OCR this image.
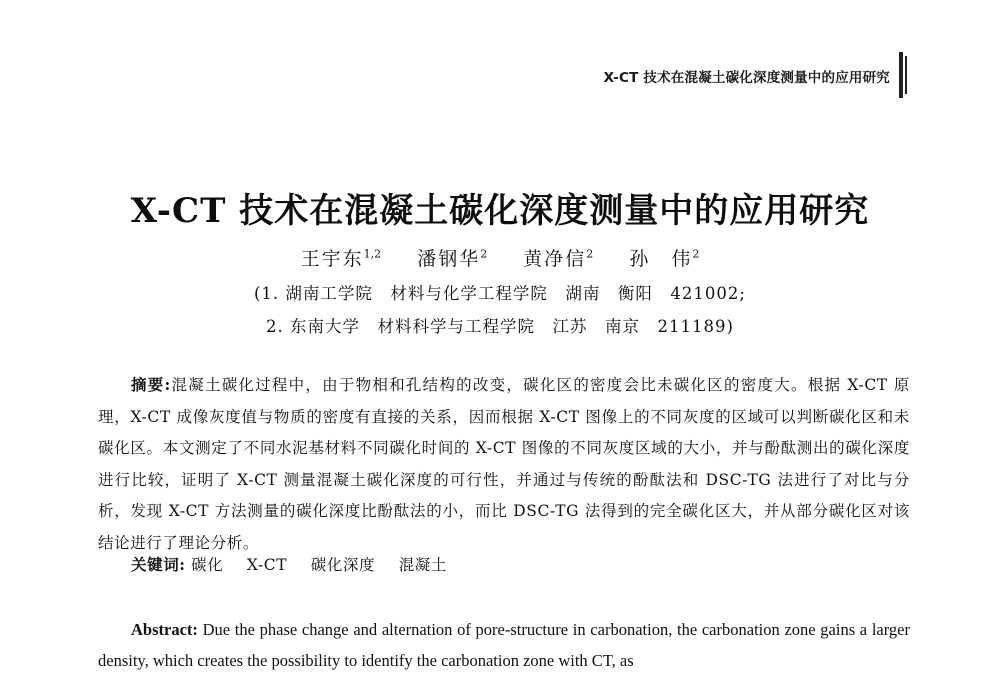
X-CT 技术在混凝土碳化深度测量中的应用研究
X-CT 技术在混凝土碳化深度测量中的应用研究
王宇东$^{1,2}$ 潘钢华$^2$ 黄净信$^2$ 孙　伟$^2$
(1. 湖南工学院　材料与化学工程学院　湖南　衡阳　421002;
2. 东南大学　材料科学与工程学院　江苏　南京　211189)
摘要:混凝土碳化过程中，由于物相和孔结构的改变，碳化区的密度会比未碳化区的密度大。根据 X-CT 原理，X-CT 成像灰度值与物质的密度有直接的关系，因而根据 X-CT 图像上的不同灰度的区域可以判断碳化区和未碳化区。本文测定了不同水泥基材料不同碳化时间的 X-CT 图像的不同灰度区域的大小，并与酚酞测出的碳化深度进行比较，证明了 X-CT 测量混凝土碳化深度的可行性，并通过与传统的酚酞法和 DSC-TG 法进行了对比与分析，发现 X-CT 方法测量的碳化深度比酚酞法的小，而比 DSC-TG 法得到的完全碳化区大，并从部分碳化区对该结论进行了理论分析。
关键词: 碳化 X-CT 碳化深度 混凝土
Abstract: Due the phase change and alternation of pore-structure in carbonation, the carbonation zone gains a larger density, which creates the possibility to identify the carbonation zone with CT, as
